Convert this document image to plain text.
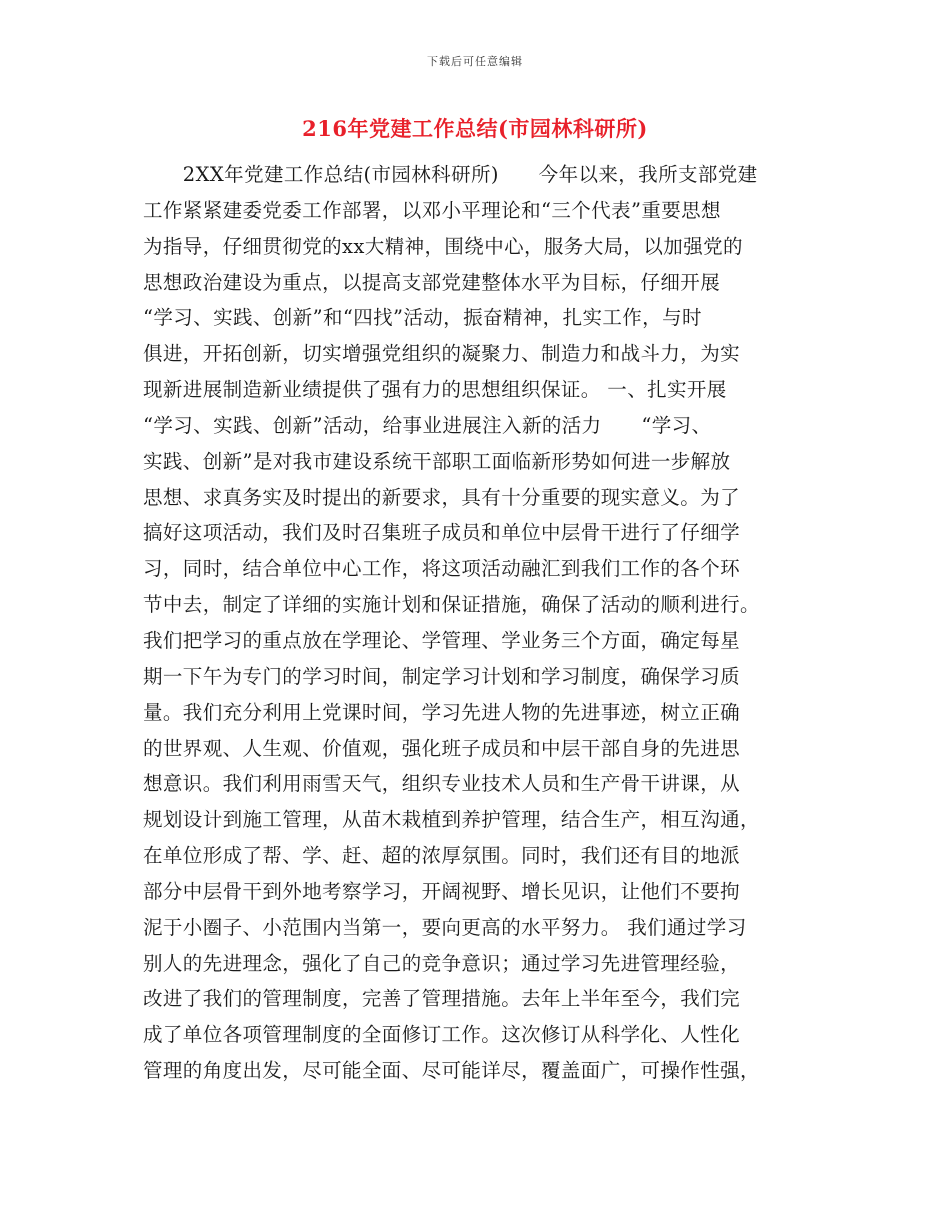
下载后可任意编辑
216年党建工作总结(市园林科研所)
　　2XX年党建工作总结(市园林科研所)　　今年以来，我所支部党建
工作紧紧建委党委工作部署，以邓小平理论和“三个代表”重要思想
为指导，仔细贯彻党的xx大精神，围绕中心，服务大局，以加强党的
思想政治建设为重点，以提高支部党建整体水平为目标，仔细开展
“学习、实践、创新”和“四找”活动，振奋精神，扎实工作，与时
俱进，开拓创新，切实增强党组织的凝聚力、制造力和战斗力，为实
现新进展制造新业绩提供了强有力的思想组织保证。 一、扎实开展
“学习、实践、创新”活动，给事业进展注入新的活力　　“学习、
实践、创新”是对我市建设系统干部职工面临新形势如何进一步解放
思想、求真务实及时提出的新要求，具有十分重要的现实意义。为了
搞好这项活动，我们及时召集班子成员和单位中层骨干进行了仔细学
习，同时，结合单位中心工作，将这项活动融汇到我们工作的各个环
节中去，制定了详细的实施计划和保证措施，确保了活动的顺利进行。
我们把学习的重点放在学理论、学管理、学业务三个方面，确定每星
期一下午为专门的学习时间，制定学习计划和学习制度，确保学习质
量。我们充分利用上党课时间，学习先进人物的先进事迹，树立正确
的世界观、人生观、价值观，强化班子成员和中层干部自身的先进思
想意识。我们利用雨雪天气，组织专业技术人员和生产骨干讲课，从
规划设计到施工管理，从苗木栽植到养护管理，结合生产，相互沟通，
在单位形成了帮、学、赶、超的浓厚氛围。同时，我们还有目的地派
部分中层骨干到外地考察学习，开阔视野、增长见识，让他们不要拘
泥于小圈子、小范围内当第一，要向更高的水平努力。 我们通过学习
别人的先进理念，强化了自己的竞争意识；通过学习先进管理经验，
改进了我们的管理制度，完善了管理措施。去年上半年至今，我们完
成了单位各项管理制度的全面修订工作。这次修订从科学化、人性化
管理的角度出发，尽可能全面、尽可能详尽，覆盖面广，可操作性强，
